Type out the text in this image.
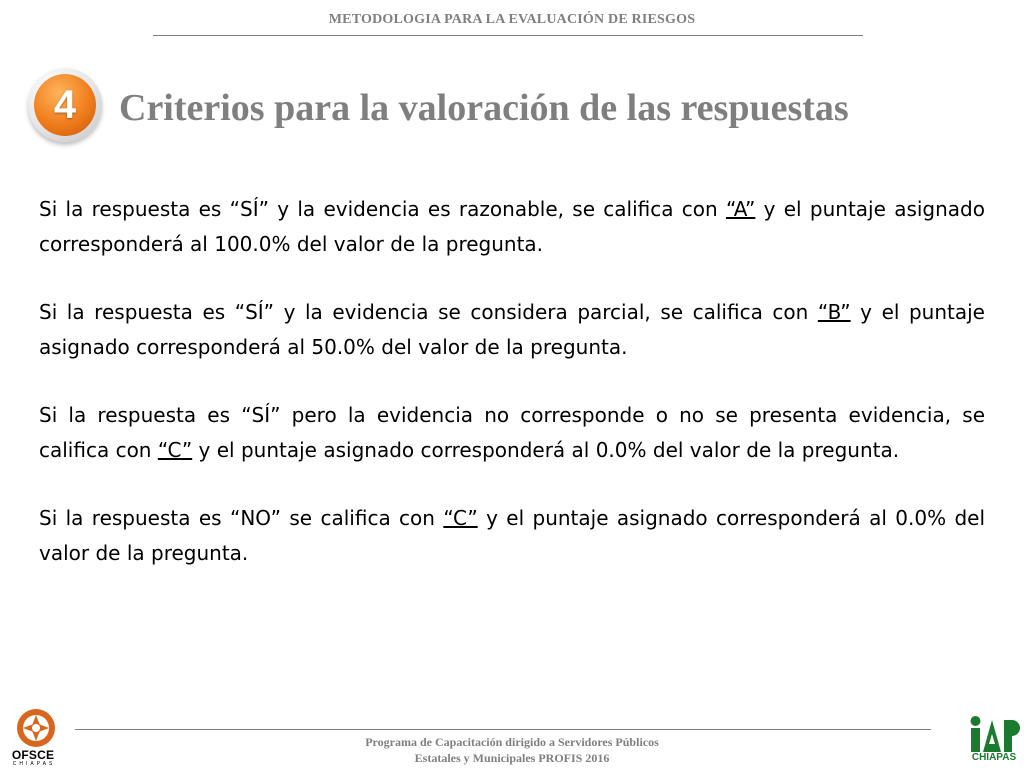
METODOLOGIA PARA LA EVALUACIÓN DE RIESGOS
4 Criterios para la valoración de las respuestas

Si la respuesta es “SÍ” y la evidencia es razonable, se califica con “A” y el puntaje asignado corresponderá al 100.0% del valor de la pregunta.

Si la respuesta es “SÍ” y la evidencia se considera parcial, se califica con “B” y el puntaje asignado corresponderá al 50.0% del valor de la pregunta.

Si la respuesta es “SÍ” pero la evidencia no corresponde o no se presenta evidencia, se califica con “C” y el puntaje asignado corresponderá al 0.0% del valor de la pregunta.

Si la respuesta es “NO” se califica con “C” y el puntaje asignado corresponderá al 0.0% del valor de la pregunta.

Programa de Capacitación dirigido a Servidores Públicos
Estatales y Municipales PROFIS 2016
OFSCE
CHIAPAS
CHIAPAS
